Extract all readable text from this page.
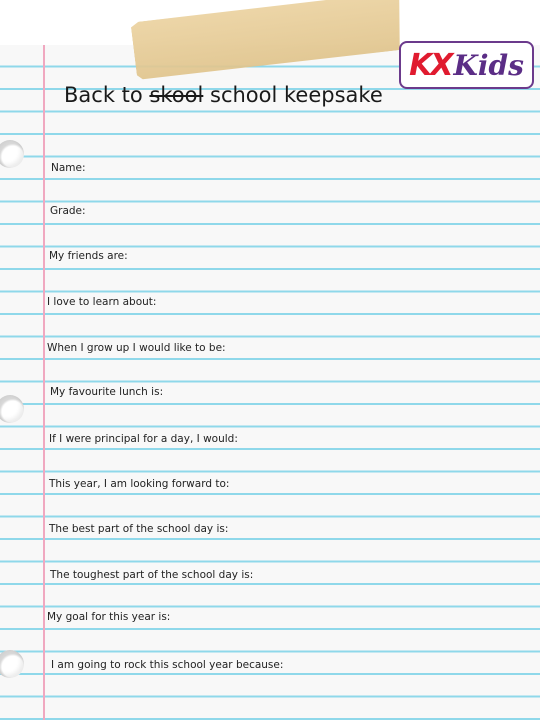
KX Kids
Back to skool school keepsake
Name:
Grade:
My friends are:
I love to learn about:
When I grow up I would like to be:
My favourite lunch is:
If I were principal for a day, I would:
This year, I am looking forward to:
The best part of the school day is:
The toughest part of the school day is:
My goal for this year is:
I am going to rock this school year because:
